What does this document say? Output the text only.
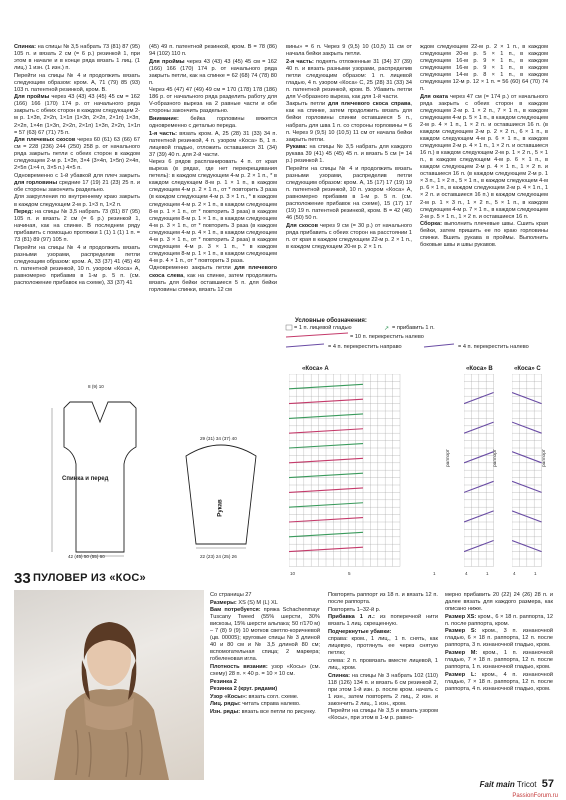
Спинка: на спицы № 3,5 набрать 73 (81) 87 (95) 105 п. и вязать 2 см (= 6 р.) резинкой 1, при этом в начале и в конце ряда вязать 1 лиц. (1 лиц.) 1 изн. (1 изн.) п.

Перейти на спицы № 4 и продолжить вязать следующим образом: кром. А, 71 (79) 85 (93) 103 п. патентной резинкой, кром. В.

Для проймы через 43 (43) 43 (45) 45 см = 162 (166) 166 (170) 174 р. от начального ряда закрыть с обеих сторон в каждом следующем 2-м р. 1×3п, 2×2п, 1×1п (1×3п, 2×2п, 2×1п) 1×3п, 2×2п, 1×4п (1×3п, 2×2п, 2×1п) 1×3п, 2×2п, 1×1п = 57 (63) 67 (71) 75 п.

Для плечевых скосов через 60 (61) 63 (66) 67 см = 228 (236) 244 (250) 258 р. от начального ряда закрыть петли с обеих сторон в каждом следующем 2-м р. 1×3п, 3×4 (3×4п, 1×5п) 2×4п, 2×5п (1×4 п, 3×5 п.) 4×5 п.

Одновременно с 1-й убавкой для плеч закрыть для горловины средние 17 (19) 21 (23) 25 п. и обе стороны закончить раздельно.

Для закругления по внутреннему краю закрыть в каждом следующем 2-м р. 1×3 п, 1×2 п.

Перед: на спицы № 3,5 набрать 73 (81) 87 (95) 105 п. и вязать 2 см (= 6 р.) резинкой 1, начиная, как на спинке. В последнем ряду прибавить с помощью протяжки 1 (1) 1 (1) 1 п. = 73 (81) 89 (97) 105 п.

Перейти на спицы № 4 и продолжить вязать разными узорами, распределив петли следующим образом: кром. А, 33 (37) 41 (45) 49 п. патентной резинкой, 10 п. узором «Коса» А, равномерно прибавив в 1-м р. 5 п. (см. расположение прибавок на схеме), 33 (37) 41

(45) 49 п. патентной резинкой, кром. В = 78 (86) 94 (102) 110 п.

Для проймы через 43 (43) 43 (45) 45 см = 162 (166) 166 (170) 174 р. от начального ряда закрыть петли, как на спинке = 62 (68) 74 (78) 80 п.

Через 45 (47) 47 (49) 49 см = 170 (178) 178 (186) 186 р. от начального ряда разделить работу для V-образного выреза на 2 равные части и обе стороны закончить раздельно.

Внимание: бейка горловины вяжется одновременно с деталью переда.

1-я часть: вязать кром. А, 25 (28) 31 (33) 34 п. патентной резинкой, 4 п. узором «Коса» Б, 1 п. лицевой гладью, отложить оставшиеся 31 (34) 37 (39) 40 п. для 2-й части.

Через 6 рядов распланировать 4 п. от края выреза (в рядах, где нет перекрещивания петель): в каждом следующем 4-м р. 2 × 1 п., * в каждом следующем 8-м р. 1 × 1 п., в каждом следующем 4-м р. 2 × 1 п., от * повторить 3 раза (в каждом следующем 4-м р. 3 × 1 п., * в каждом следующем 4-м р. 2 × 1 п., в каждом следующем 8-м р. 1 × 1 п., от * повторить 3 раза) в каждом следующем 8-м р. 1 × 1 п., в каждом следующем 4-м р. 3 × 1 п., от * повторить 3 раза (в каждом следующем 4-м р. 4 × 1 п., в каждом следующем 4-м р. 3 × 1 п., от * повторить 2 раза) в каждом следующем 4-м р. 3 × 1 п., * в каждом следующем 8-м р. 1 × 1 п., в каждом следующем 4-м р. 4 × 1 п., от * повторить 3 раза.

Одновременно закрыть петли для плечевого скоса слева, как на спинке, затем продолжить вязать для бейки оставшиеся 5 п. для бейки горловины спинки, вязать 12 см

вины» = 6 п. Через 9 (9,5) 10 (10,5) 11 см от начала бейки закрыть петли.

2-я часть: поднять отложенные 31 (34) 37 (39) 40 п. и вязать разными узорами, распределив петли следующим образом: 1 п. лицевой гладью, 4 п. узором «Коса» С, 25 (28) 31 (33) 34 п. патентной резинкой, кром. В. Убавить петли для V-образного выреза, как для 1-й части.

Закрыть петли для плечевого скоса справа, как на спинке, затем продолжить вязать для бейки горловины спинки оставшиеся 5 п., набрать для шва 1 п. со стороны горловины = 6 п. Через 9 (9,5) 10 (10,5) 11 см от начала бейки закрыть петли.

Рукава: на спицы № 3,5 набрать для каждого рукава 39 (41) 45 (45) 45 п. и вязать 5 см (= 14 р.) резинкой 1.

Перейти на спицы № 4 и продолжить вязать разными узорами, распределив петли следующим образом: кром. А, 15 (17) 17 (19) 19 п. патентной резинкой, 10 п. узором «Коса» А, равномерно прибавив в 1-м р. 5 п. (см. расположение прибавок на схеме), 15 (17) 17 (19) 19 п. патентной резинкой, кром. В = 42 (46) 46 (50) 50 п.

Для скосов через 9 см (= 30 р.) от начального ряда прибавить с обеих сторон на расстоянии 1 п. от края в каждом следующем 22-м р. 2 × 1 п., в каждом следующем 20-м р. 2 × 1 п.

ждом следующем 22-м р. 2 × 1 п., в каждом следующем 20-м р. 5 × 1 п., в каждом следующем 16-м р. 9 × 1 п., в каждом следующем 16-м р. 9 × 1 п., в каждом следующем 14-м р. 8 × 1 п., в каждом следующем 12-м р. 12 × 1 п. = 56 (60) 64 (70) 74 п.

Для оката через 47 см (= 174 р.) от начального ряда закрыть с обеих сторон в каждом следующем 2-м р. 1 × 2 п., 7 × 1 п., в каждом следующем 4-м р. 5 × 1 п., в каждом следующем 2-м р. 4 × 1 п., 1 × 2 п. и оставшиеся 16 п. (в каждом следующем 2-м р. 2 × 2 п., 6 × 1 п., в каждом следующем 4-м р. 6 × 1 п., в каждом следующем 2-м р. 4 × 1 п., 1 × 2 п. и оставшиеся 16 п.) в каждом следующем 2-м р. 1 × 2 п., 5 × 1 п., в каждом следующем 4-м р. 6 × 1 п., в каждом следующем 2-м р. 4 × 1 п., 1 × 2 п. и оставшиеся 16 п. (в каждом следующем 2-м р. 1 × 3 п., 1 × 2 п., 5 × 1 п., в каждом следующем 4-м р. 6 × 1 п., в каждом следующем 2-м р. 4 × 1 п., 1 × 2 п. и оставшиеся 16 п.) в каждом следующем 2-м р. 1 × 3 п., 1 × 2 п., 5 × 1 п., в каждом следующем 4-м р. 7 × 1 п., в каждом следующем 2-м р. 5 × 1 п., 1 × 2 п. и оставшиеся 16 п.

Сборка: выполнить плечевые швы. Сшить края бейки, затем пришить ее по краю горловины спинки. Вшить рукава в проймы. Выполнить боковые швы и швы рукавов.

Спинка и перед
8 (9) 10
42 (45) 50 (55) 60
Рукав
29 (31) 34 (37) 40
22 (23) 24 (25) 26
Условные обозначения:
↗
= 1 п. лицевой гладью	= прибавить 1 п.
= 10 п. перекрестить налево
= 4 п. перекрестить направо	= 4 п. перекрестить налево
«Коса» А	«Коса» В	«Коса» С
раппорт	раппорт	раппорт
10	5	1	4	1	4	1
33 ПУЛОВЕР ИЗ «КОС»

Со страницы 27

Размеры: XS (S) M (L) XL

Вам потребуется: пряжа Schachenmayr Tuscany Tweed (55% шерсти, 30% вискозы, 15% шерсти альпака; 50 г/170 м) – 7 (8) 9 (9) 10 мотков светло-коричневой (цв. 00005); круговые спицы № 3 длиной 40 и 80 см и № 3,5 длиной 80 см; вспомогательная спица; 2 маркера; гобеленовая игла.

Плотность вязания: узор «Косы» (см. схему) 28 п. × 40 р. = 10 × 10 см.

Резинка 2

Резинка 2 (круг. рядами)

Узор «Косы»: вязать согл. схеме.

Лиц. ряды: читать справа налево.

Изн. ряды: вязать все петли по рисунку.

Повторять раппорт из 18 п. и вязать 12 п. после раппорта.

Повторять 1–32-й р.

Прибавка 1 л.: из поперечной нити вязать 1 лиц. скрещенную.

Подчеркнутые убавки:

справа: кром., 1 лиц., 1 п. снять, как лицевую, протянуть ее через снятую петлю;

слева: 2 п. провязать вместе лицевой, 1 лиц., кром.

Спинка: на спицы № 3 набрать 102 (110) 118 (126) 134 п. и вязать 6 см резинкой 2, при этом 1-й изн. р. после кром. начать с 1 изн., затем повторять 2 лиц., 2 изн. и закончить 2 лиц., 1 изн., кром.

Перейти на спицы № 3,5 и вязать узором «Косы», при этом в 1-м р. равно-

мерно прибавить 20 (22) 24 (26) 28 п. и далее вязать для каждого размера, как описано ниже.

Размер XS: кром., 6 × 18 п. раппорта, 12 п. после раппорта, кром.

Размер S: кром., 3 п. изнаночной гладью, 6 × 18 п. раппорта, 12 п. после раппорта, 3 п. изнаночной гладью, кром.

Размер М: кром., 1 п. изнаночной гладью, 7 × 18 п. раппорта, 12 п. после раппорта, 1 п. изнаночной гладью, кром.

Размер L: кром., 4 п. изнаночной гладью, 7 × 18 п. раппорта, 12 п. после раппорта, 4 п. изнаночной гладью, кром.

Fait main Tricot 57
PassionForum.ru
